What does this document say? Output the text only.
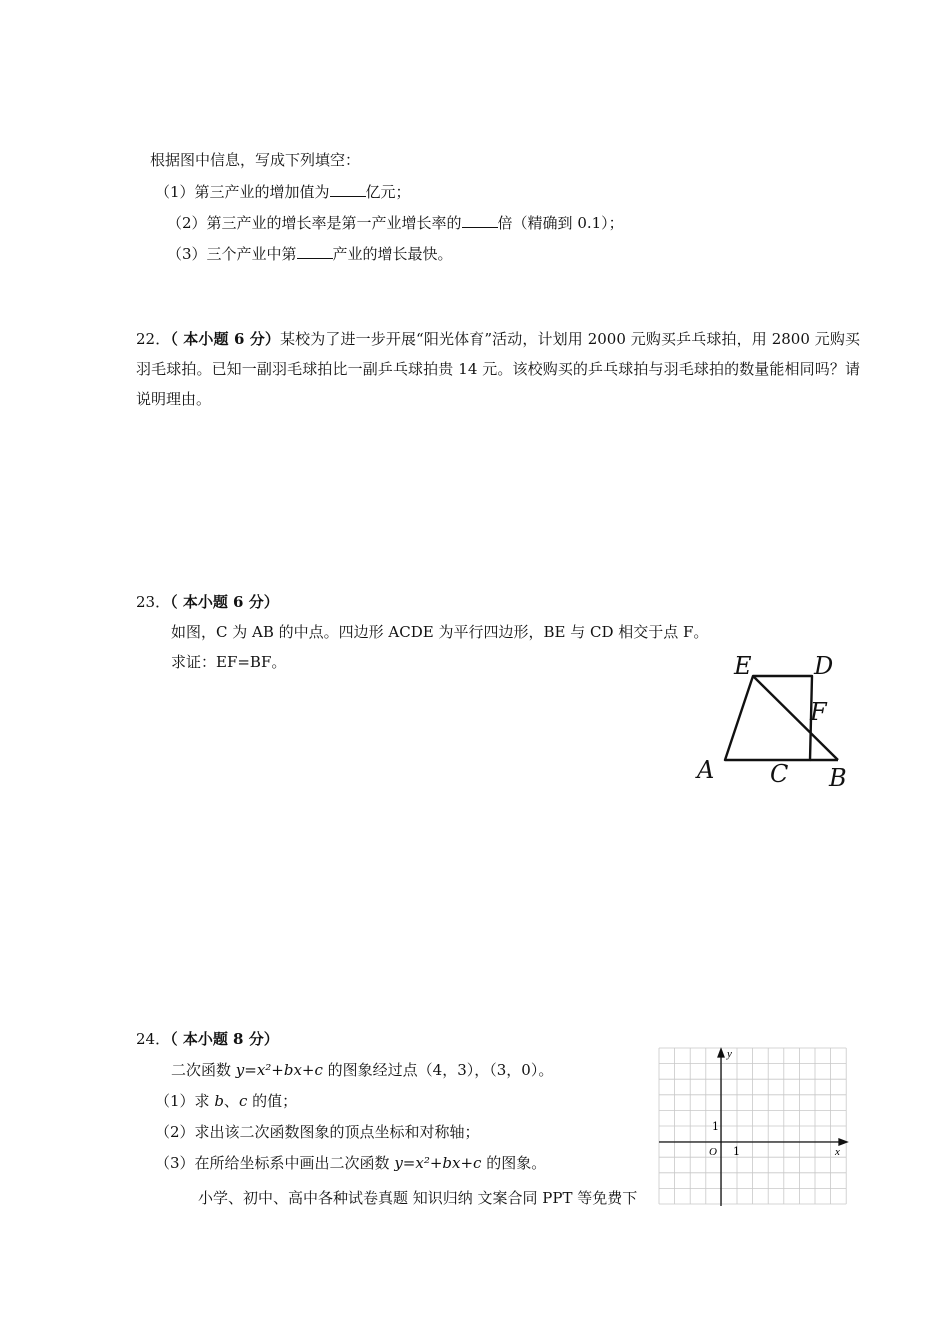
根据图中信息，写成下列填空：
（1）第三产业的增加值为 亿元；
（2）第三产业的增长率是第一产业增长率的 倍（精确到 0.1）；
（3）三个产业中第 产业的增长最快。
22．（ 本小题 6 分）某校为了进一步开展“阳光体育”活动，计划用 2000 元购买乒乓球拍，用 2800 元购买羽毛球拍。已知一副羽毛球拍比一副乒乓球拍贵 14 元。该校购买的乒乓球拍与羽毛球拍的数量能相同吗？请说明理由。
23．（ 本小题 6 分）
如图，C 为 AB 的中点。四边形 ACDE 为平行四边形，BE 与 CD 相交于点 F。
求证：EF=BF。	E	D
F
A C B
24．（ 本小题 8 分）
二次函数 y=x²+bx+c 的图象经过点（4，3），（3，0）。
（1）求 b、c 的值；
（2）求出该二次函数图象的顶点坐标和对称轴；
（3）在所给坐标系中画出二次函数 y=x²+bx+c 的图象。
小学、初中、高中各种试卷真题 知识归纳 文案合同 PPT 等免费下
y
x
O 1
1
